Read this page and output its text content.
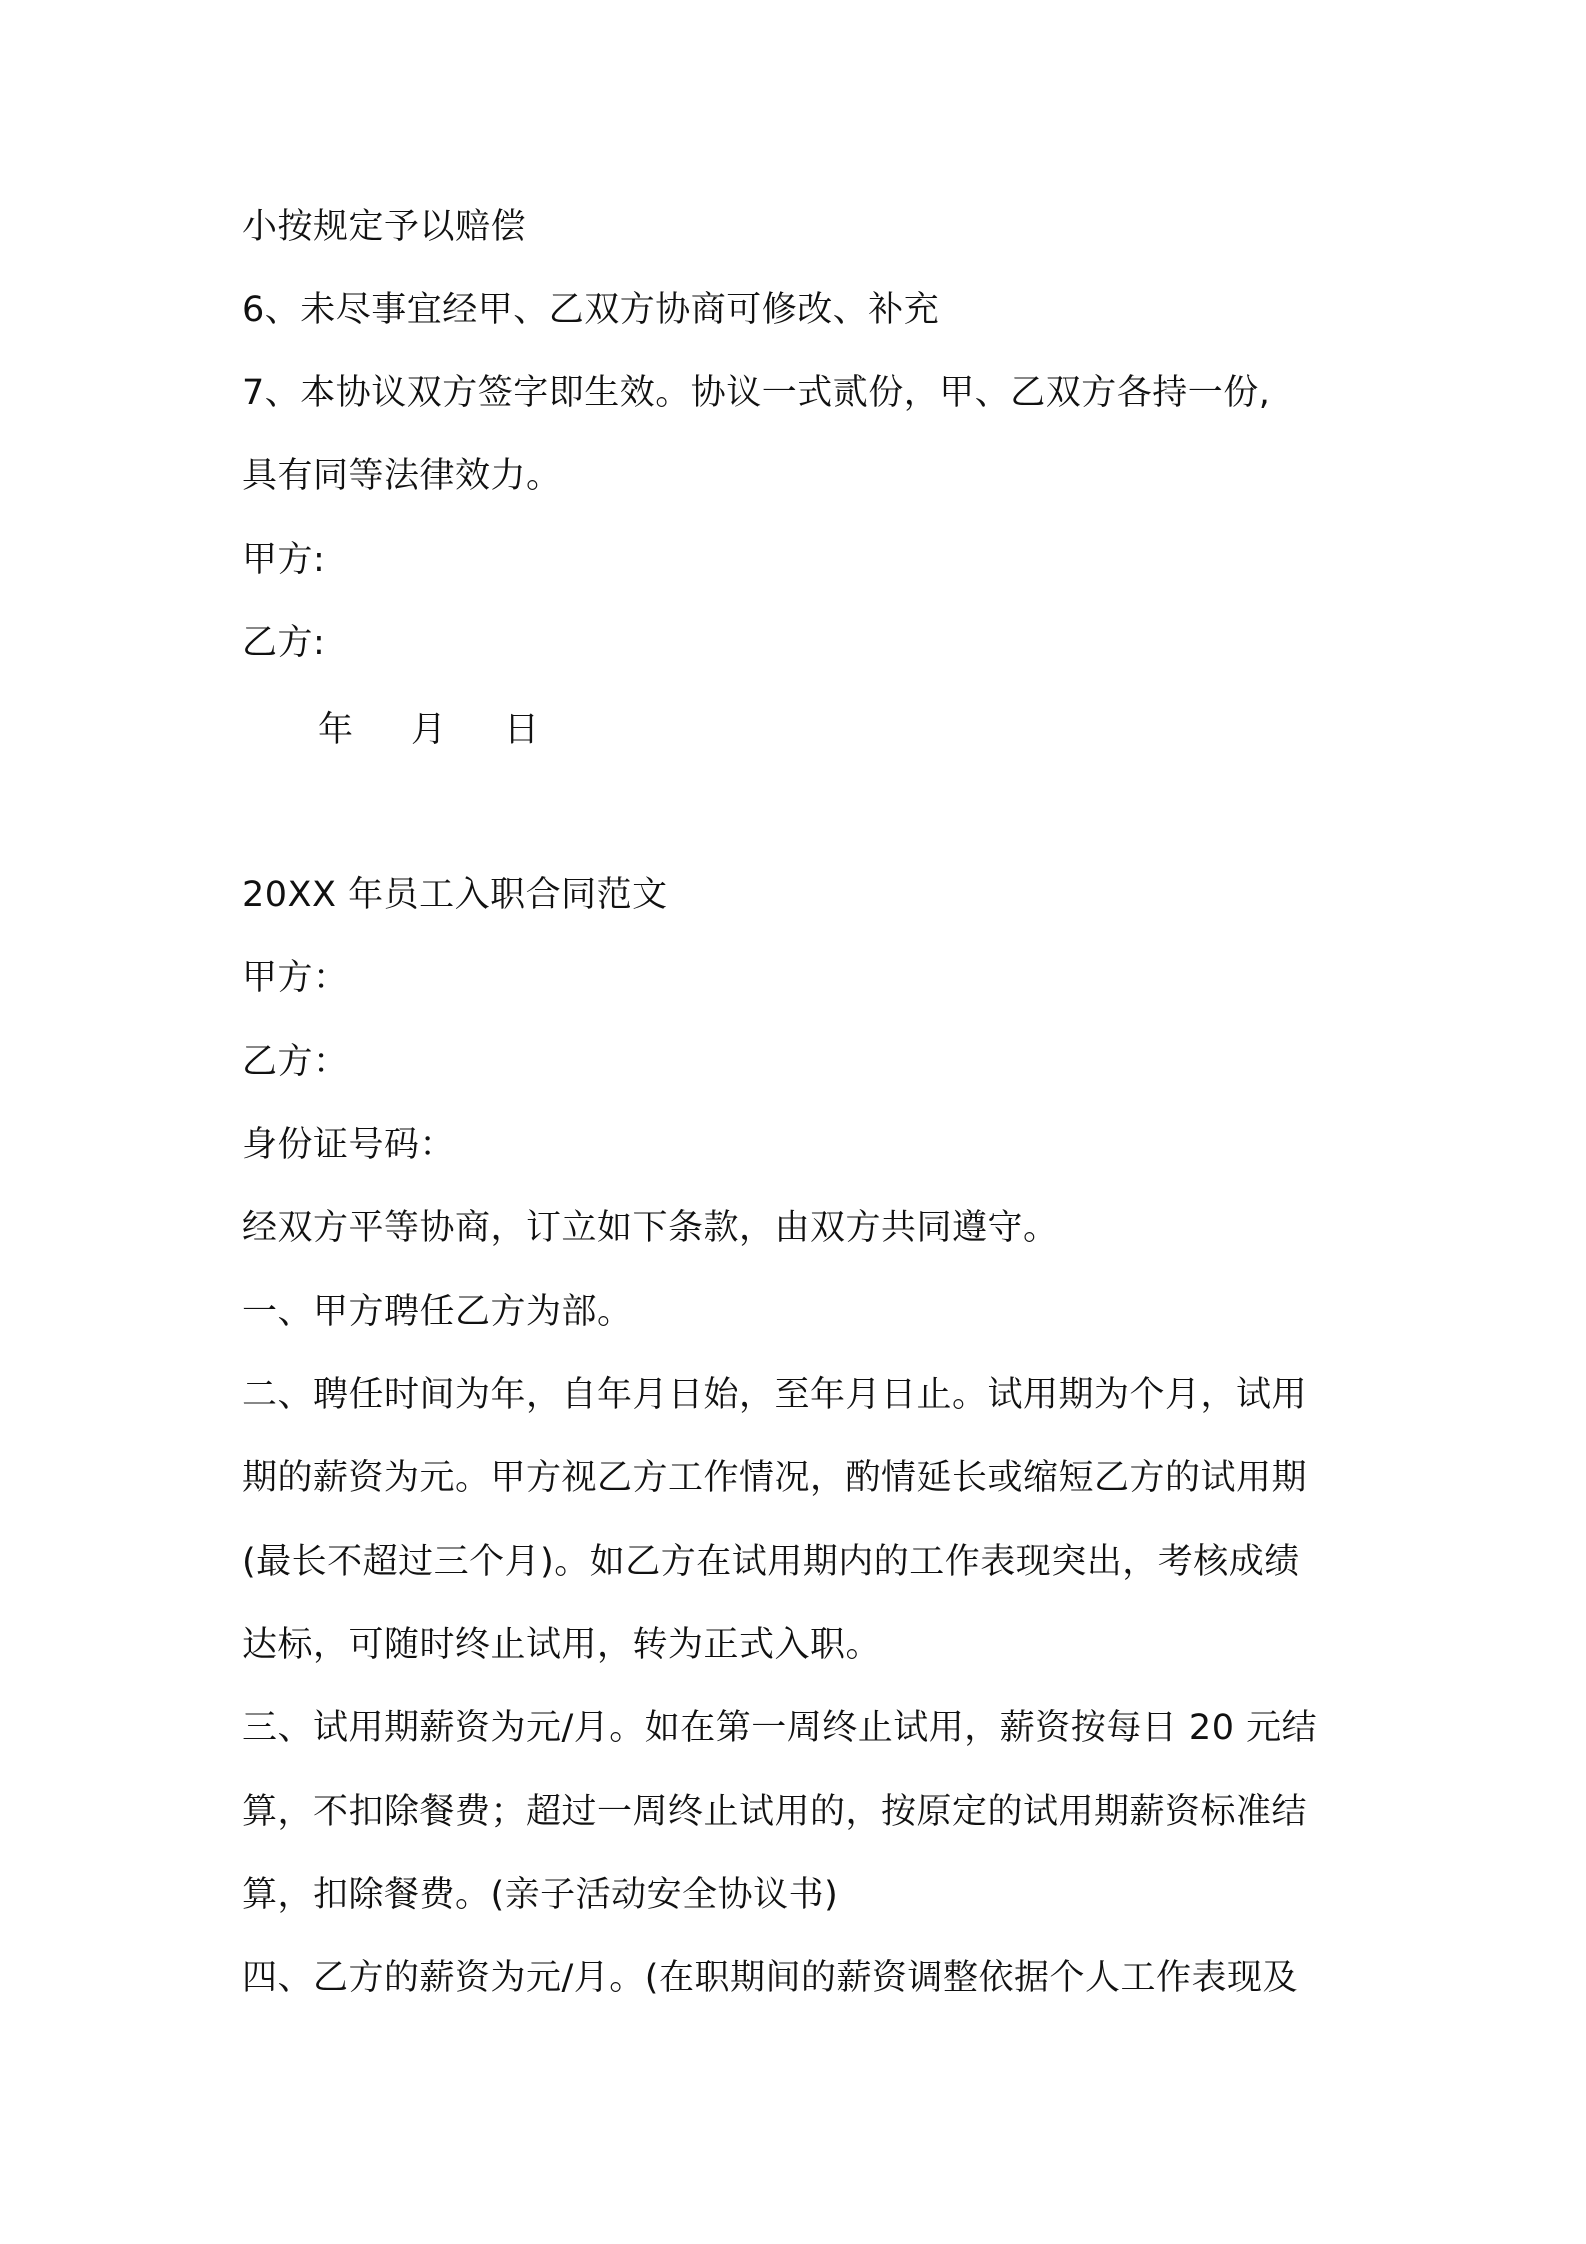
小按规定予以赔偿
6、未尽事宜经甲、乙双方协商可修改、补充
7、本协议双方签字即生效。协议一式贰份，甲、乙双方各持一份,
具有同等法律效力。
甲方:
乙方:
年 月 日
20XX 年员工入职合同范文
甲方：
乙方：
身份证号码：
经双方平等协商，订立如下条款，由双方共同遵守。
一、甲方聘任乙方为部。
二、聘任时间为年，自年月日始，至年月日止。试用期为个月，试用
期的薪资为元。甲方视乙方工作情况，酌情延长或缩短乙方的试用期
(最长不超过三个月)。如乙方在试用期内的工作表现突出，考核成绩
达标，可随时终止试用，转为正式入职。
三、试用期薪资为元/月。如在第一周终止试用，薪资按每日 20 元结
算，不扣除餐费；超过一周终止试用的，按原定的试用期薪资标准结
算，扣除餐费。(亲子活动安全协议书)
四、乙方的薪资为元/月。(在职期间的薪资调整依据个人工作表现及
